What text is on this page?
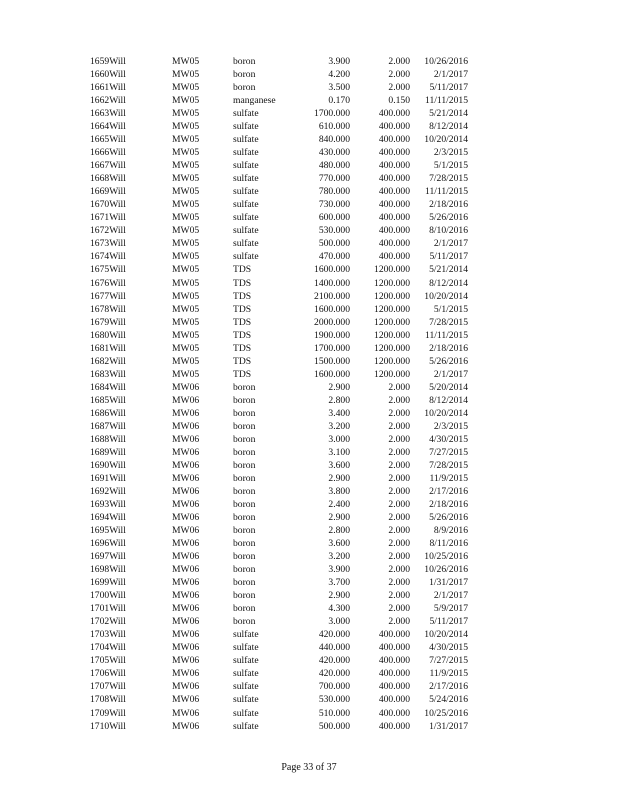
1659 Will	MW05	boron	3.900	2.000 10/26/2016
1660 Will	MW05	boron	4.200	2.000 2/1/2017
1661 Will	MW05	boron	3.500	2.000 5/11/2017
1662 Will	MW05	manganese	0.170	0.150 11/11/2015
1663 Will	MW05	sulfate	1700.000	400.000 5/21/2014
1664 Will	MW05	sulfate	610.000	400.000 8/12/2014
1665 Will	MW05	sulfate	840.000	400.000 10/20/2014
1666 Will	MW05	sulfate	430.000	400.000 2/3/2015
1667 Will	MW05	sulfate	480.000	400.000 5/1/2015
1668 Will	MW05	sulfate	770.000	400.000 7/28/2015
1669 Will	MW05	sulfate	780.000	400.000 11/11/2015
1670 Will	MW05	sulfate	730.000	400.000 2/18/2016
1671 Will	MW05	sulfate	600.000	400.000 5/26/2016
1672 Will	MW05	sulfate	530.000	400.000 8/10/2016
1673 Will	MW05	sulfate	500.000	400.000 2/1/2017
1674 Will	MW05	sulfate	470.000	400.000 5/11/2017
1675 Will	MW05	TDS	1600.000	1200.000 5/21/2014
1676 Will	MW05	TDS	1400.000	1200.000 8/12/2014
1677 Will	MW05	TDS	2100.000	1200.000 10/20/2014
1678 Will	MW05	TDS	1600.000	1200.000 5/1/2015
1679 Will	MW05	TDS	2000.000	1200.000 7/28/2015
1680 Will	MW05	TDS	1900.000	1200.000 11/11/2015
1681 Will	MW05	TDS	1700.000	1200.000 2/18/2016
1682 Will	MW05	TDS	1500.000	1200.000 5/26/2016
1683 Will	MW05	TDS	1600.000	1200.000 2/1/2017
1684 Will	MW06	boron	2.900	2.000 5/20/2014
1685 Will	MW06	boron	2.800	2.000 8/12/2014
1686 Will	MW06	boron	3.400	2.000 10/20/2014
1687 Will	MW06	boron	3.200	2.000 2/3/2015
1688 Will	MW06	boron	3.000	2.000 4/30/2015
1689 Will	MW06	boron	3.100	2.000 7/27/2015
1690 Will	MW06	boron	3.600	2.000 7/28/2015
1691 Will	MW06	boron	2.900	2.000 11/9/2015
1692 Will	MW06	boron	3.800	2.000 2/17/2016
1693 Will	MW06	boron	2.400	2.000 2/18/2016
1694 Will	MW06	boron	2.900	2.000 5/26/2016
1695 Will	MW06	boron	2.800	2.000 8/9/2016
1696 Will	MW06	boron	3.600	2.000 8/11/2016
1697 Will	MW06	boron	3.200	2.000 10/25/2016
1698 Will	MW06	boron	3.900	2.000 10/26/2016
1699 Will	MW06	boron	3.700	2.000 1/31/2017
1700 Will	MW06	boron	2.900	2.000 2/1/2017
1701 Will	MW06	boron	4.300	2.000 5/9/2017
1702 Will	MW06	boron	3.000	2.000 5/11/2017
1703 Will	MW06	sulfate	420.000	400.000 10/20/2014
1704 Will	MW06	sulfate	440.000	400.000 4/30/2015
1705 Will	MW06	sulfate	420.000	400.000 7/27/2015
1706 Will	MW06	sulfate	420.000	400.000 11/9/2015
1707 Will	MW06	sulfate	700.000	400.000 2/17/2016
1708 Will	MW06	sulfate	530.000	400.000 5/24/2016
1709 Will	MW06	sulfate	510.000	400.000 10/25/2016
1710 Will	MW06	sulfate	500.000	400.000 1/31/2017
Page 33 of 37
